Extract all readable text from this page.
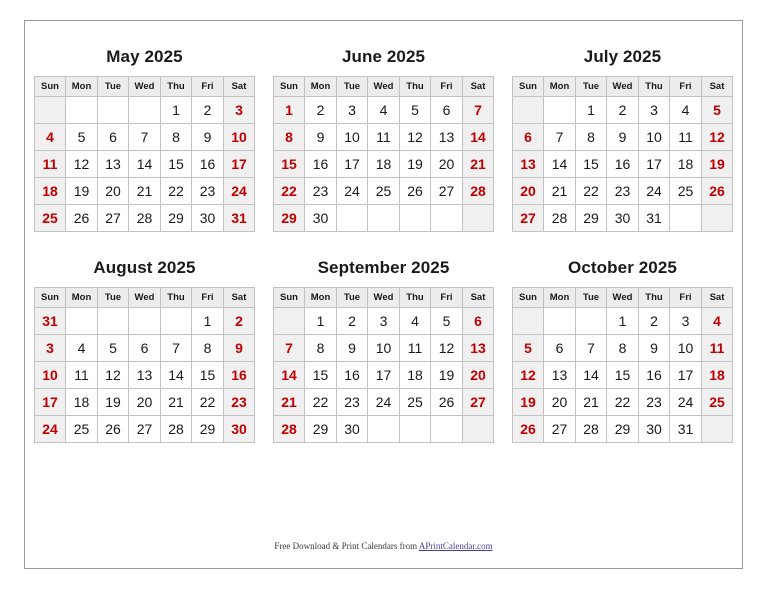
May 2025
Sun	Mon	Tue	Wed	Thu	Fri	Sat
				1	2	3
4	5	6	7	8	9	10
11	12	13	14	15	16	17
18	19	20	21	22	23	24
25	26	27	28	29	30	31
June 2025
Sun	Mon	Tue	Wed	Thu	Fri	Sat
1	2	3	4	5	6	7
8	9	10	11	12	13	14
15	16	17	18	19	20	21
22	23	24	25	26	27	28
29	30					
July 2025
Sun	Mon	Tue	Wed	Thu	Fri	Sat
		1	2	3	4	5
6	7	8	9	10	11	12
13	14	15	16	17	18	19
20	21	22	23	24	25	26
27	28	29	30	31		
August 2025
Sun	Mon	Tue	Wed	Thu	Fri	Sat
31					1	2
3	4	5	6	7	8	9
10	11	12	13	14	15	16
17	18	19	20	21	22	23
24	25	26	27	28	29	30
September 2025
Sun	Mon	Tue	Wed	Thu	Fri	Sat
	1	2	3	4	5	6
7	8	9	10	11	12	13
14	15	16	17	18	19	20
21	22	23	24	25	26	27
28	29	30				
October 2025
Sun	Mon	Tue	Wed	Thu	Fri	Sat
			1	2	3	4
5	6	7	8	9	10	11
12	13	14	15	16	17	18
19	20	21	22	23	24	25
26	27	28	29	30	31	
Free Download & Print Calendars from APrintCalendar.com
